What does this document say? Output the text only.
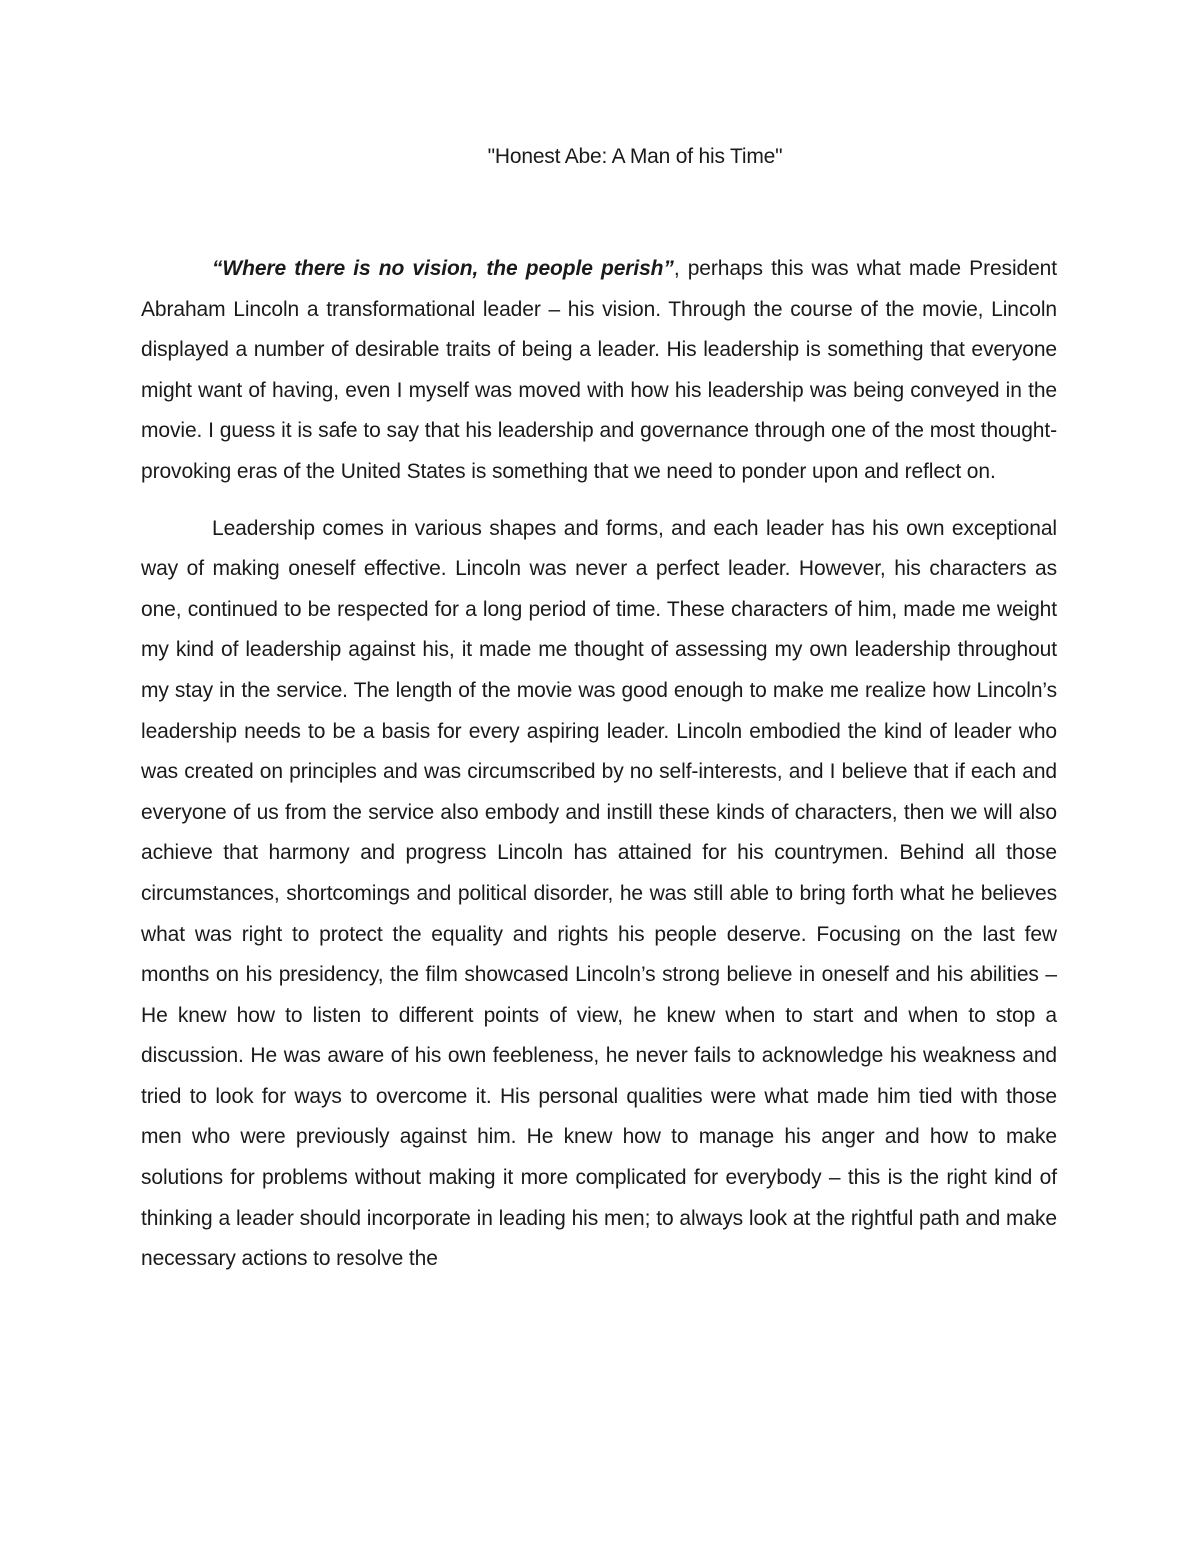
"Honest Abe: A Man of his Time"

“Where there is no vision, the people perish”, perhaps this was what made President Abraham Lincoln a transformational leader – his vision. Through the course of the movie, Lincoln displayed a number of desirable traits of being a leader. His leadership is something that everyone might want of having, even I myself was moved with how his leadership was being conveyed in the movie. I guess it is safe to say that his leadership and governance through one of the most thought-provoking eras of the United States is something that we need to ponder upon and reflect on.

Leadership comes in various shapes and forms, and each leader has his own exceptional way of making oneself effective. Lincoln was never a perfect leader. However, his characters as one, continued to be respected for a long period of time. These characters of him, made me weight my kind of leadership against his, it made me thought of assessing my own leadership throughout my stay in the service. The length of the movie was good enough to make me realize how Lincoln’s leadership needs to be a basis for every aspiring leader. Lincoln embodied the kind of leader who was created on principles and was circumscribed by no self-interests, and I believe that if each and everyone of us from the service also embody and instill these kinds of characters, then we will also achieve that harmony and progress Lincoln has attained for his countrymen. Behind all those circumstances, shortcomings and political disorder, he was still able to bring forth what he believes what was right to protect the equality and rights his people deserve. Focusing on the last few months on his presidency, the film showcased Lincoln’s strong believe in oneself and his abilities – He knew how to listen to different points of view, he knew when to start and when to stop a discussion. He was aware of his own feebleness, he never fails to acknowledge his weakness and tried to look for ways to overcome it. His personal qualities were what made him tied with those men who were previously against him. He knew how to manage his anger and how to make solutions for problems without making it more complicated for everybody – this is the right kind of thinking a leader should incorporate in leading his men; to always look at the rightful path and make necessary actions to resolve the
